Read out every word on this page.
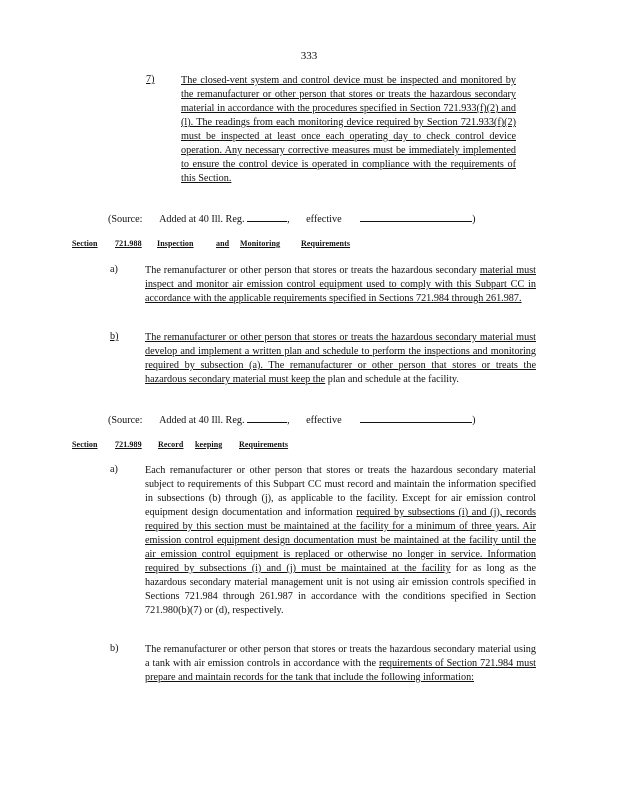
333
7)	The closed-vent system and control device must be inspected and monitored by the remanufacturer or other person that stores or treats the hazardous secondary material in accordance with the procedures specified in Section 721.933(f)(2) and (l). The readings from each monitoring device required by Section 721.933(f)(2) must be inspected at least once each operating day to check control device operation. Any necessary corrective measures must be immediately implemented to ensure the control device is operated in compliance with the requirements of this Section.
(Source: Added at 40 Ill. Reg.	, effective	)
Section 721.988 Inspection	and Monitoring	Requirements
a)	The remanufacturer or other person that stores or treats the hazardous secondary material must inspect and monitor air emission control equipment used to comply with this Subpart CC in accordance with the applicable requirements specified in Sections 721.984 through 261.987.
b)	The remanufacturer or other person that stores or treats the hazardous secondary material must develop and implement a written plan and schedule to perform the inspections and monitoring required by subsection (a). The remanufacturer or other person that stores or treats the hazardous secondary material must keep the plan and schedule at the facility.
(Source: Added at 40 Ill. Reg.	, effective	)
Section 721.989 Record keeping Requirements
a)	Each remanufacturer or other person that stores or treats the hazardous secondary material subject to requirements of this Subpart CC must record and maintain the information specified in subsections (b) through (j), as applicable to the facility. Except for air emission control equipment design documentation and information required by subsections (i) and (j), records required by this section must be maintained at the facility for a minimum of three years. Air emission control equipment design documentation must be maintained at the facility until the air emission control equipment is replaced or otherwise no longer in service. Information required by subsections (i) and (j) must be maintained at the facility for as long as the hazardous secondary material management unit is not using air emission controls specified in Sections 721.984 through 261.987 in accordance with the conditions specified in Section 721.980(b)(7) or (d), respectively.
b)	The remanufacturer or other person that stores or treats the hazardous secondary material using a tank with air emission controls in accordance with the requirements of Section 721.984 must prepare and maintain records for the tank that include the following information:
